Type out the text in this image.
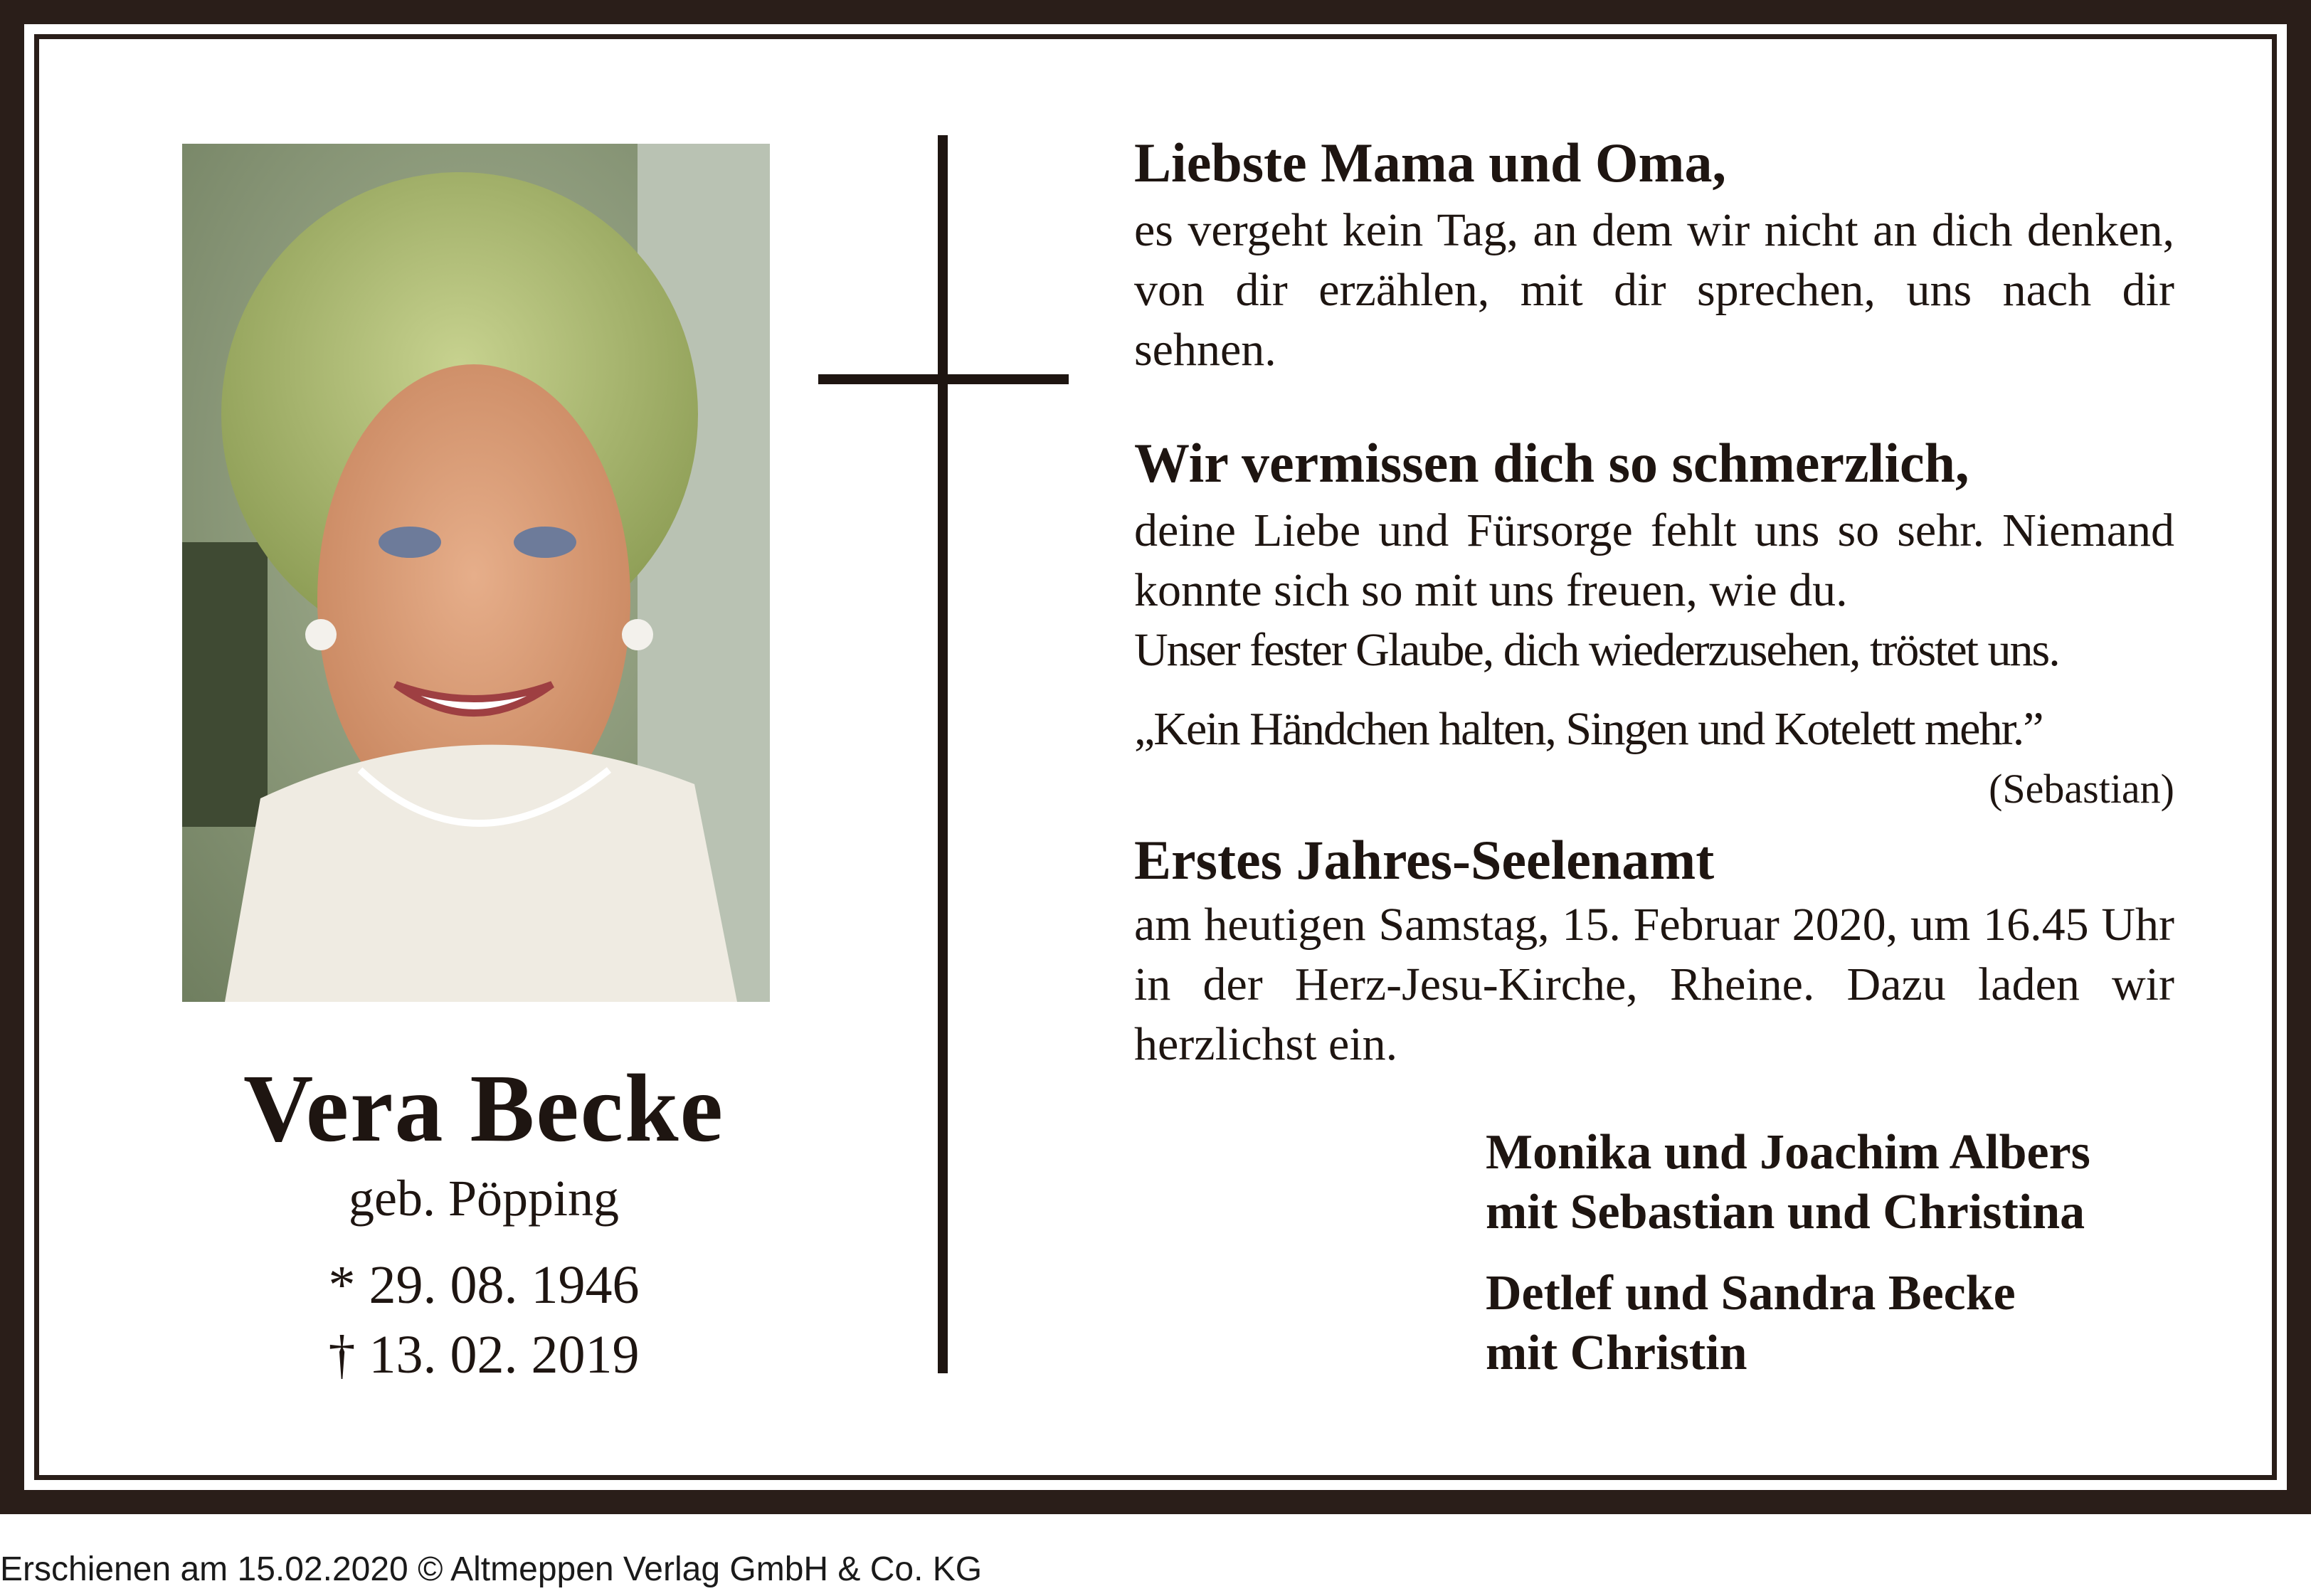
Vera Becke
geb. Pöpping
* 29. 08. 1946
† 13. 02. 2019
Liebste Mama und Oma,
es vergeht kein Tag, an dem wir nicht an dich denken, von dir erzählen, mit dir sprechen, uns nach dir sehnen.
Wir vermissen dich so schmerzlich,
deine Liebe und Fürsorge fehlt uns so sehr. Niemand konnte sich so mit uns freuen, wie du.
Unser fester Glaube, dich wiederzusehen, tröstet uns.
„Kein Händchen halten, Singen und Kotelett mehr.”
(Sebastian)
Erstes Jahres-Seelenamt
am heutigen Samstag, 15. Februar 2020, um 16.45 Uhr in der Herz-Jesu-Kirche, Rheine. Dazu laden wir herzlichst ein.
Monika und Joachim Albers
mit Sebastian und Christina
Detlef und Sandra Becke
mit Christin
Erschienen am 15.02.2020 © Altmeppen Verlag GmbH & Co. KG
